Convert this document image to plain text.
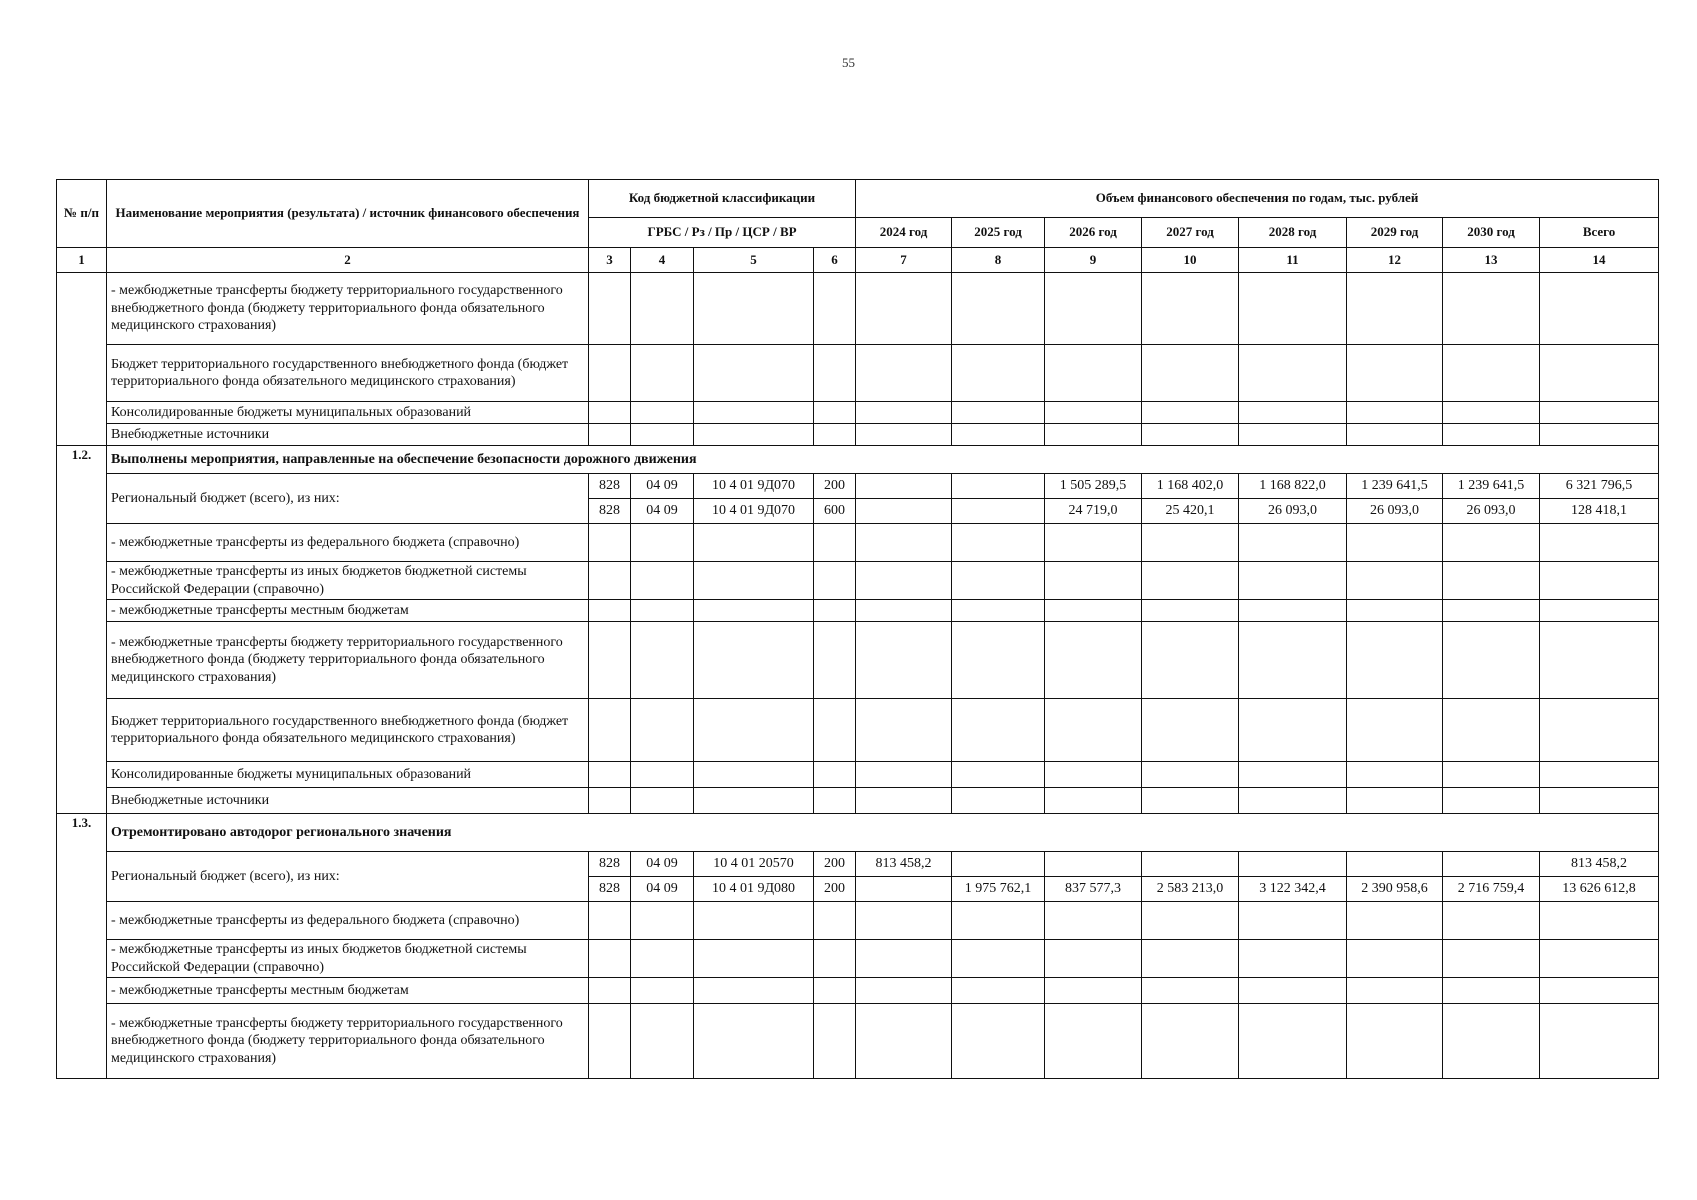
55
№ п/п	Наименование мероприятия (результата) / источник финансового обеспечения	Код бюджетной классификации				Объем финансового обеспечения по годам, тыс. рублей							
		ГРБС / Рз / Пр / ЦСР / ВР				2024 год	2025 год	2026 год	2027 год	2028 год	2029 год	2030 год	Всего
1	2	3	4	5	6	7	8	9	10	11	12	13	14
	- межбюджетные трансферты бюджету территориального государственного внебюджетного фонда (бюджету территориального фонда обязательного медицинского страхования)												
	Бюджет территориального государственного внебюджетного фонда (бюджет территориального фонда обязательного медицинского страхования)												
	Консолидированные бюджеты муниципальных образований												
	Внебюджетные источники												
1.2.	Выполнены мероприятия, направленные на обеспечение безопасности дорожного движения												
	Региональный бюджет (всего), из них:	828	04 09	10 4 01 9Д070	200			1 505 289,5	1 168 402,0	1 168 822,0	1 239 641,5	1 239 641,5	6 321 796,5
		828	04 09	10 4 01 9Д070	600			24 719,0	25 420,1	26 093,0	26 093,0	26 093,0	128 418,1
	- межбюджетные трансферты из федерального бюджета (справочно)												
	- межбюджетные трансферты из иных бюджетов бюджетной системы Российской Федерации (справочно)												
	- межбюджетные трансферты местным бюджетам												
	- межбюджетные трансферты бюджету территориального государственного внебюджетного фонда (бюджету территориального фонда обязательного медицинского страхования)												
	Бюджет территориального государственного внебюджетного фонда (бюджет территориального фонда обязательного медицинского страхования)												
	Консолидированные бюджеты муниципальных образований												
	Внебюджетные источники												
1.3.	Отремонтировано автодорог регионального значения												
	Региональный бюджет (всего), из них:	828	04 09	10 4 01 20570	200	813 458,2							813 458,2
		828	04 09	10 4 01 9Д080	200		1 975 762,1	837 577,3	2 583 213,0	3 122 342,4	2 390 958,6	2 716 759,4	13 626 612,8
	- межбюджетные трансферты из федерального бюджета (справочно)												
	- межбюджетные трансферты из иных бюджетов бюджетной системы Российской Федерации (справочно)												
	- межбюджетные трансферты местным бюджетам												
	- межбюджетные трансферты бюджету территориального государственного внебюджетного фонда (бюджету территориального фонда обязательного медицинского страхования)												
